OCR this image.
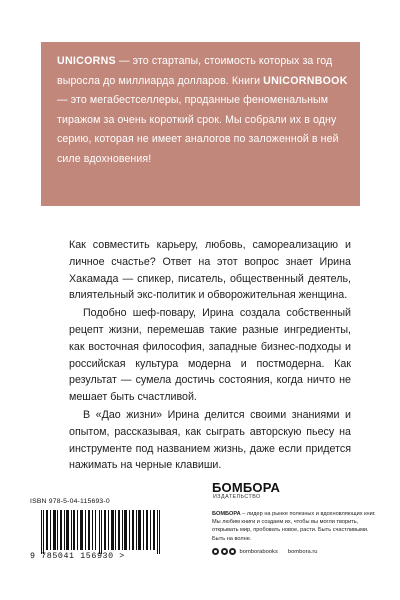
UNICORNS — это стартапы, стоимость которых за год выросла до миллиарда долларов. Книги UNICORNBOOK — это мегабестселлеры, проданные феноменальным тиражом за очень короткий срок. Мы собрали их в одну серию, которая не имеет аналогов по заложенной в ней силе вдохновения!

Как совместить карьеру, любовь, самореализацию и личное счастье? Ответ на этот вопрос знает Ирина Хакамада — спикер, писатель, общественный деятель, влиятельный экс-политик и обворожительная женщина.

Подобно шеф-повару, Ирина создала собственный рецепт жизни, перемешав такие разные ингредиенты, как восточная философия, западные бизнес-подходы и российская культура модерна и постмодерна. Как результат — сумела достичь состояния, когда ничто не мешает быть счастливой.

В «Дао жизни» Ирина делится своими знаниями и опытом, рассказывая, как сыграть авторскую пьесу на инструменте под названием жизнь, даже если придется нажимать на черные клавиши.

ISBN 978-5-04-115693-0
9 785041 156930 >
БОМБОРА
ИЗДАТЕЛЬСТВО
БОМБОРА – лидер на рынке полезных и вдохновляющих книг. Мы любим книги и создаем их, чтобы вы могли творить, открывать мир, пробовать новое, расти. Быть счастливыми. Быть на волне.
bomborabooks bombora.ru
